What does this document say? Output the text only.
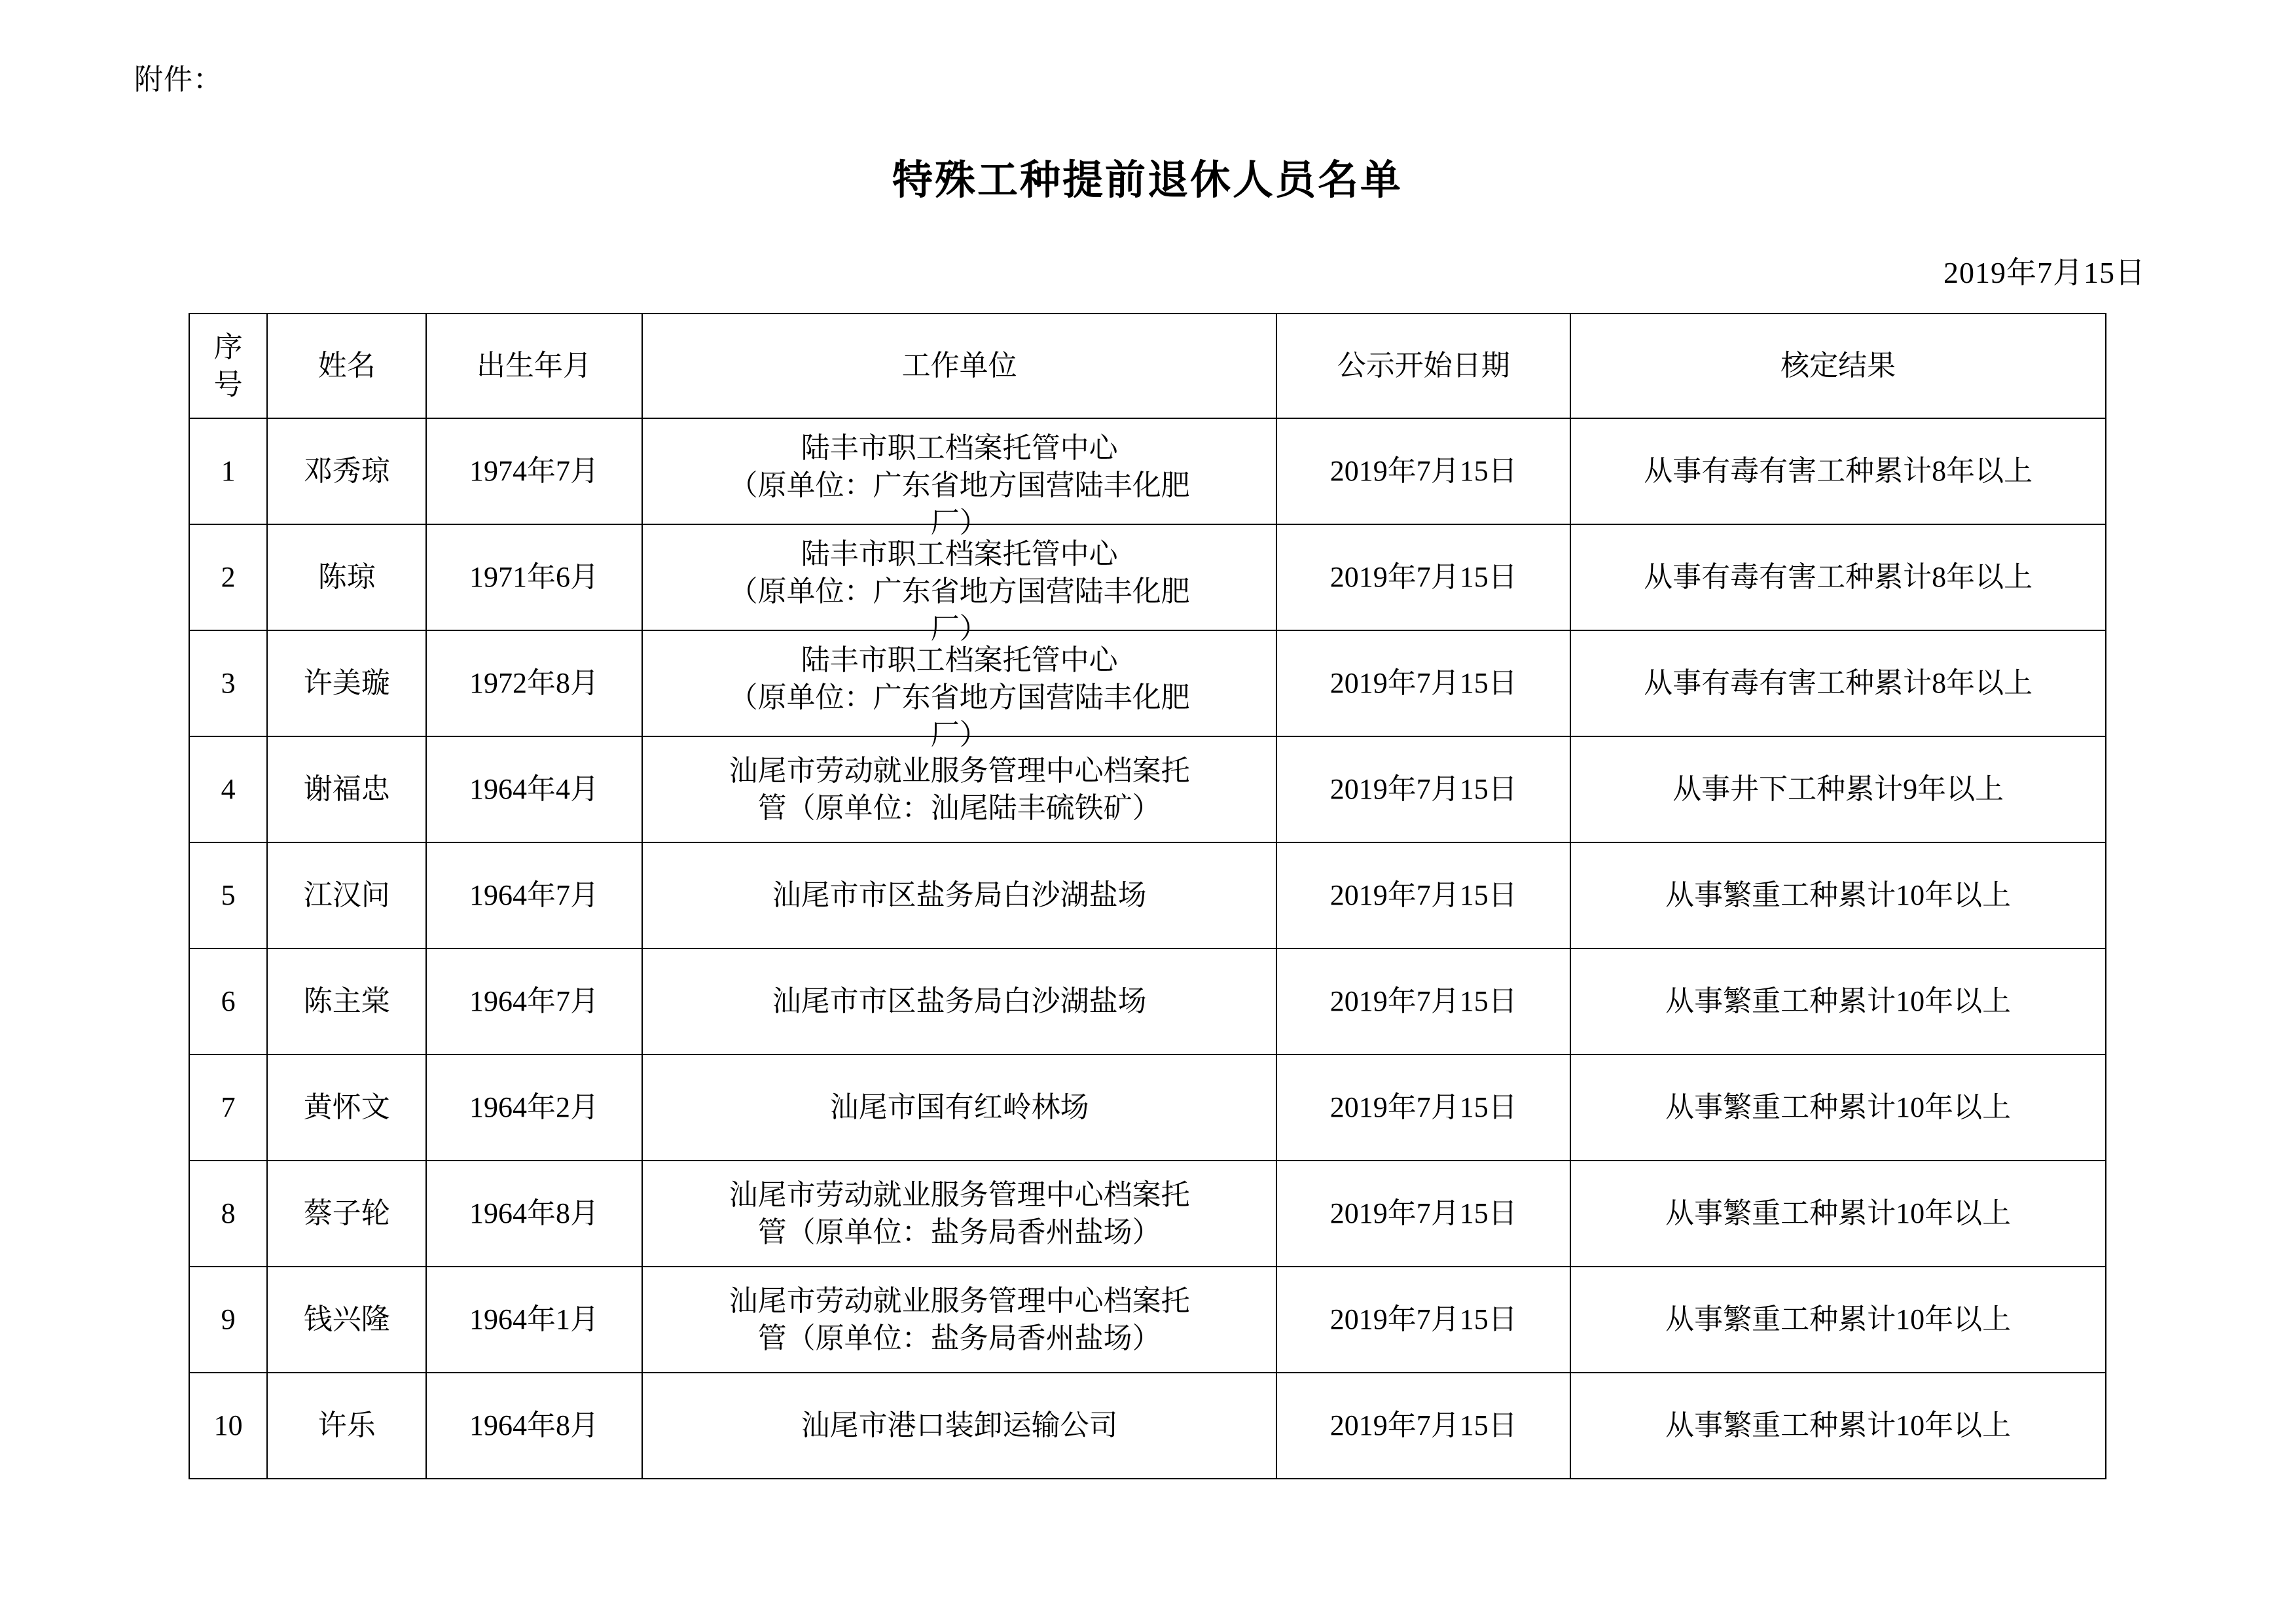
附件：
特殊工种提前退休人员名单
2019年7月15日
序
号	姓名	出生年月	工作单位	公示开始日期	核定结果
1	邓秀琼	1974年7月	陆丰市职工档案托管中心
（原单位：广东省地方国营陆丰化肥
厂）	2019年7月15日	从事有毒有害工种累计8年以上
2	陈琼	1971年6月	陆丰市职工档案托管中心
（原单位：广东省地方国营陆丰化肥
厂）	2019年7月15日	从事有毒有害工种累计8年以上
3	许美璇	1972年8月	陆丰市职工档案托管中心
（原单位：广东省地方国营陆丰化肥
厂）	2019年7月15日	从事有毒有害工种累计8年以上
4	谢福忠	1964年4月	汕尾市劳动就业服务管理中心档案托
管（原单位：汕尾陆丰硫铁矿）	2019年7月15日	从事井下工种累计9年以上
5	江汉问	1964年7月	汕尾市市区盐务局白沙湖盐场	2019年7月15日	从事繁重工种累计10年以上
6	陈主棠	1964年7月	汕尾市市区盐务局白沙湖盐场	2019年7月15日	从事繁重工种累计10年以上
7	黄怀文	1964年2月	汕尾市国有红岭林场	2019年7月15日	从事繁重工种累计10年以上
8	蔡子轮	1964年8月	汕尾市劳动就业服务管理中心档案托
管（原单位：盐务局香州盐场）	2019年7月15日	从事繁重工种累计10年以上
9	钱兴隆	1964年1月	汕尾市劳动就业服务管理中心档案托
管（原单位：盐务局香州盐场）	2019年7月15日	从事繁重工种累计10年以上
10	许乐	1964年8月	汕尾市港口装卸运输公司	2019年7月15日	从事繁重工种累计10年以上
